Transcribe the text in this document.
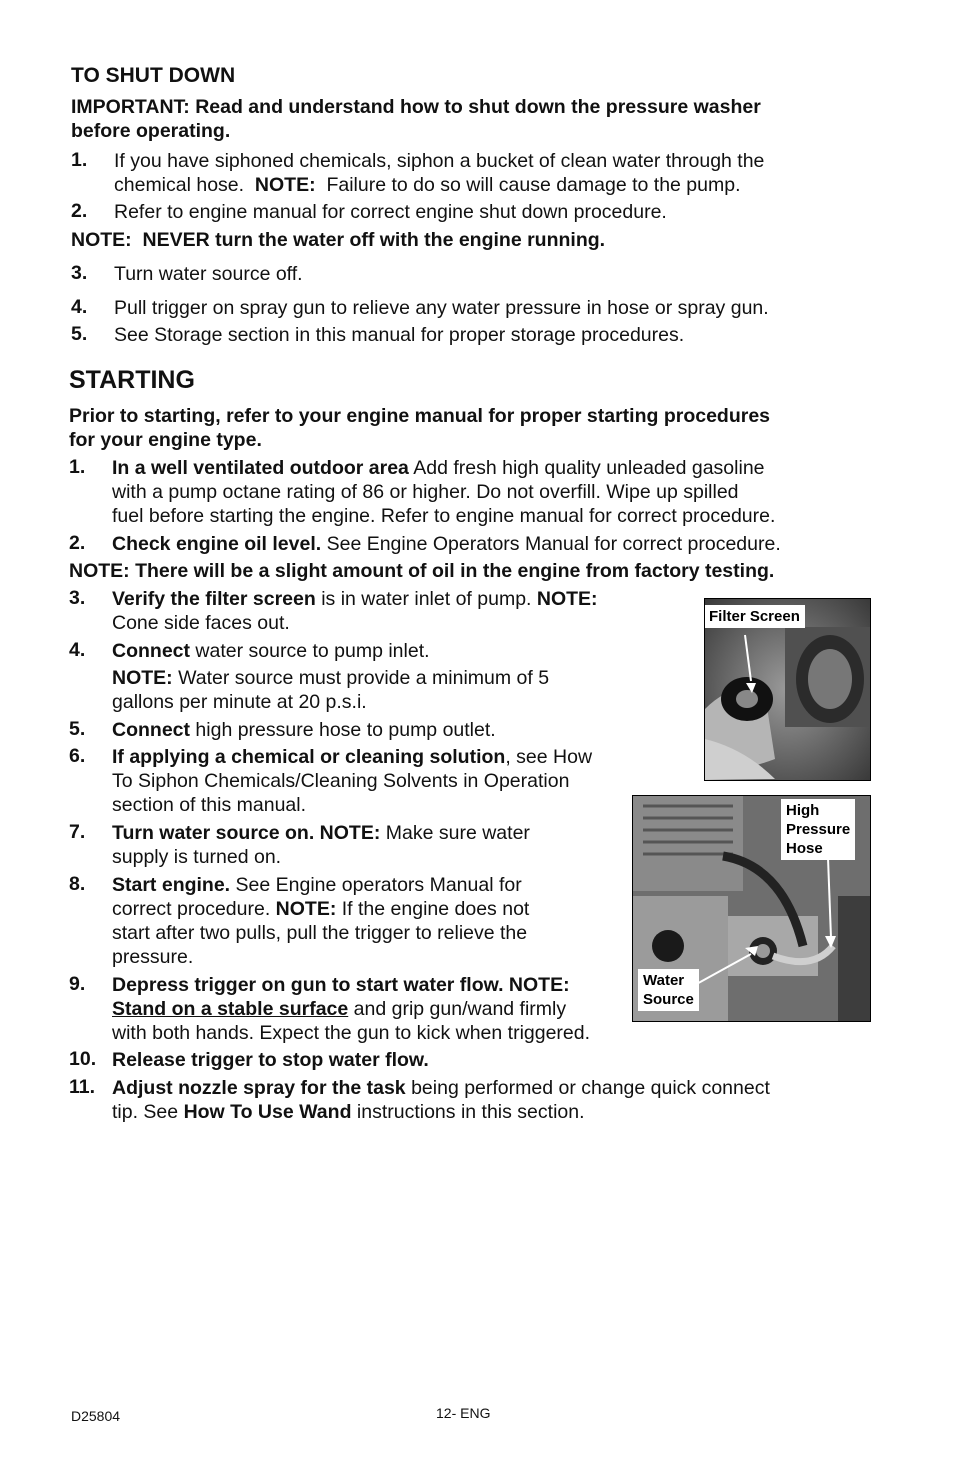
TO SHUT DOWN
IMPORTANT: Read and understand how to shut down the pressure washer
before operating.
1. If you have siphoned chemicals, siphon a bucket of clean water through the
chemical hose. NOTE: Failure to do so will cause damage to the pump.
2. Refer to engine manual for correct engine shut down procedure.
NOTE:  NEVER turn the water off with the engine running.
3. Turn water source off.
4. Pull trigger on spray gun to relieve any water pressure in hose or spray gun.
5. See Storage section in this manual for proper storage procedures.
STARTING
Prior to starting, refer to your engine manual for proper starting procedures
for your engine type.
1. In a well ventilated outdoor area Add fresh high quality unleaded gasoline
with a pump octane rating of 86 or higher. Do not overfill. Wipe up spilled
fuel before starting the engine. Refer to engine manual for correct procedure.
2. Check engine oil level. See Engine Operators Manual for correct procedure.
NOTE: There will be a slight amount of oil in the engine from factory testing.
3. Verify the filter screen is in water inlet of pump. NOTE:
Cone side faces out.
4. Connect water source to pump inlet.
NOTE: Water source must provide a minimum of 5
gallons per minute at 20 p.s.i.
5. Connect high pressure hose to pump outlet.
6. If applying a chemical or cleaning solution, see How
To Siphon Chemicals/Cleaning Solvents in Operation
section of this manual.
7. Turn water source on. NOTE: Make sure water
supply is turned on.
8. Start engine. See Engine operators Manual for
correct procedure. NOTE: If the engine does not
start after two pulls, pull the trigger to relieve the
pressure.
9. Depress trigger on gun to start water flow. NOTE:
Stand on a stable surface and grip gun/wand firmly
with both hands. Expect the gun to kick when triggered.
10. Release trigger to stop water flow.
11. Adjust nozzle spray for the task being performed or change quick connect
tip. See How To Use Wand instructions in this section.
Filter Screen
High
Pressure
Hose
Water
Source
D25804	12- ENG
